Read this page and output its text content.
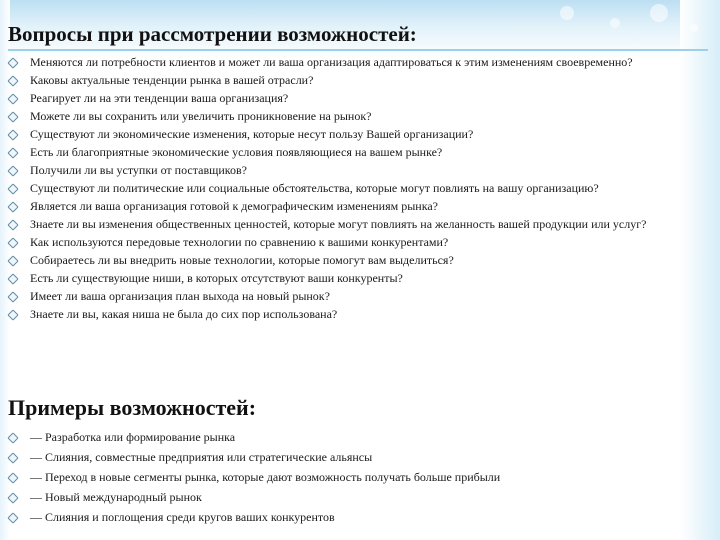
Вопросы при рассмотрении возможностей:
Меняются ли потребности клиентов и может ли ваша организация адаптироваться к этим изменениям своевременно?
Каковы актуальные тенденции рынка в вашей отрасли?
Реагирует ли на эти тенденции ваша организация?
Можете ли вы сохранить или увеличить проникновение на рынок?
Существуют ли экономические изменения, которые несут пользу Вашей организации?
Есть ли благоприятные экономические условия появляющиеся на вашем рынке?
Получили ли вы уступки от поставщиков?
Существуют ли политические или социальные обстоятельства, которые могут повлиять на вашу организацию?
Является ли ваша организация готовой к демографическим изменениям рынка?
Знаете ли вы изменения общественных ценностей, которые могут повлиять на желанность вашей продукции или услуг?
Как используются передовые технологии по сравнению к вашими конкурентами?
Собираетесь ли вы внедрить новые технологии, которые помогут вам выделиться?
Есть ли существующие ниши, в которых отсутствуют ваши конкуренты?
Имеет ли ваша организация план выхода на новый рынок?
Знаете ли вы, какая ниша не была до сих пор использована?
Примеры возможностей:
— Разработка или формирование рынка
— Слияния, совместные предприятия или стратегические альянсы
— Переход в новые сегменты рынка, которые дают возможность получать больше прибыли
— Новый международный рынок
— Слияния и поглощения среди кругов ваших конкурентов
